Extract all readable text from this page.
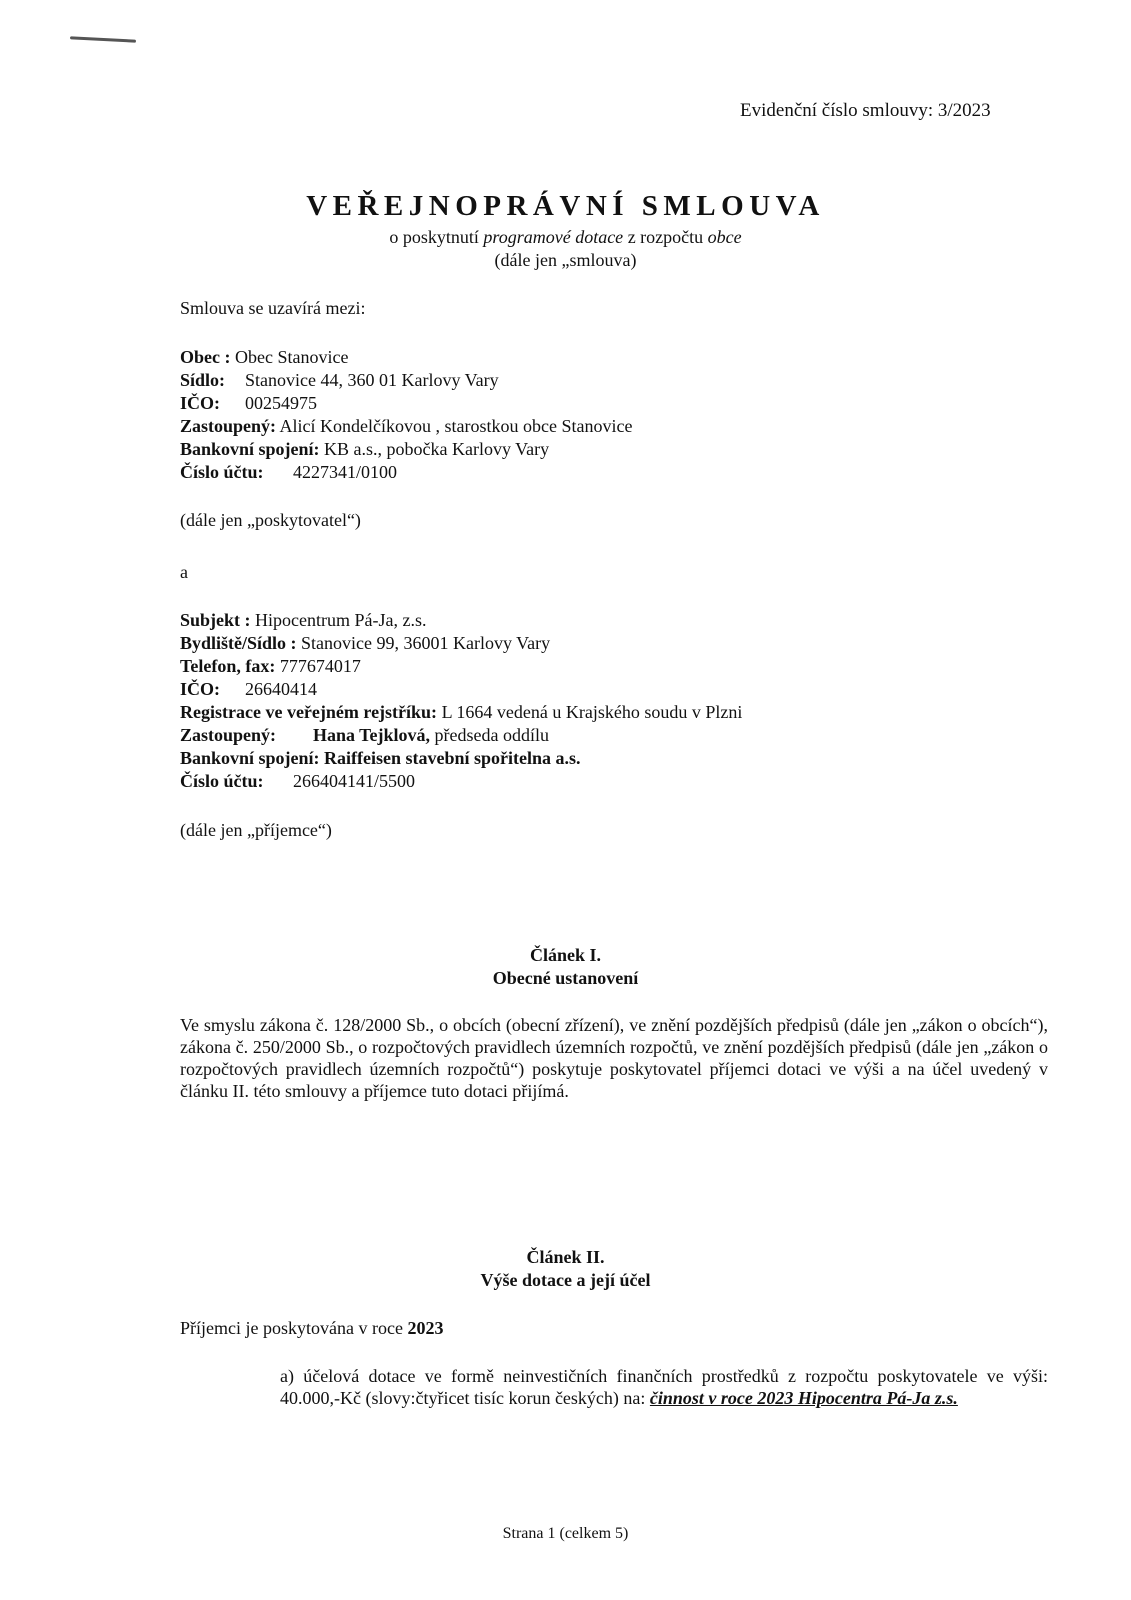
Evidenční číslo smlouvy: 3/2023
VEŘEJNOPRÁVNÍ SMLOUVA
o poskytnutí programové dotace z rozpočtu obce
(dále jen „smlouva)
Smlouva se uzavírá mezi:
Obec : Obec Stanovice
Sídlo: Stanovice 44, 360 01 Karlovy Vary
IČO: 00254975
Zastoupený: Alicí Kondelčíkovou , starostkou obce Stanovice
Bankovní spojení: KB a.s., pobočka Karlovy Vary
Číslo účtu: 4227341/0100
(dále jen „poskytovatel“)
a
Subjekt : Hipocentrum Pá-Ja, z.s.
Bydliště/Sídlo : Stanovice 99, 36001 Karlovy Vary
Telefon, fax: 777674017
IČO: 26640414
Registrace ve veřejném rejstříku: L 1664 vedená u Krajského soudu v Plzni
Zastoupený: Hana Tejklová, předseda oddílu
Bankovní spojení: Raiffeisen stavební spořitelna a.s.
Číslo účtu: 266404141/5500
(dále jen „příjemce“)
Článek I.
Obecné ustanovení
Ve smyslu zákona č. 128/2000 Sb., o obcích (obecní zřízení), ve znění pozdějších předpisů (dále jen „zákon o obcích“), zákona č. 250/2000 Sb., o rozpočtových pravidlech územních rozpočtů, ve znění pozdějších předpisů (dále jen „zákon o rozpočtových pravidlech územních rozpočtů“) poskytuje poskytovatel příjemci dotaci ve výši a na účel uvedený v článku II. této smlouvy a příjemce tuto dotaci přijímá.
Článek II.
Výše dotace a její účel
Příjemci je poskytována v roce 2023
a) účelová dotace ve formě neinvestičních finančních prostředků z rozpočtu poskytovatele ve výši: 40.000,-Kč (slovy:čtyřicet tisíc korun českých) na: činnost v roce 2023 Hipocentra Pá-Ja z.s.
Strana 1 (celkem 5)
